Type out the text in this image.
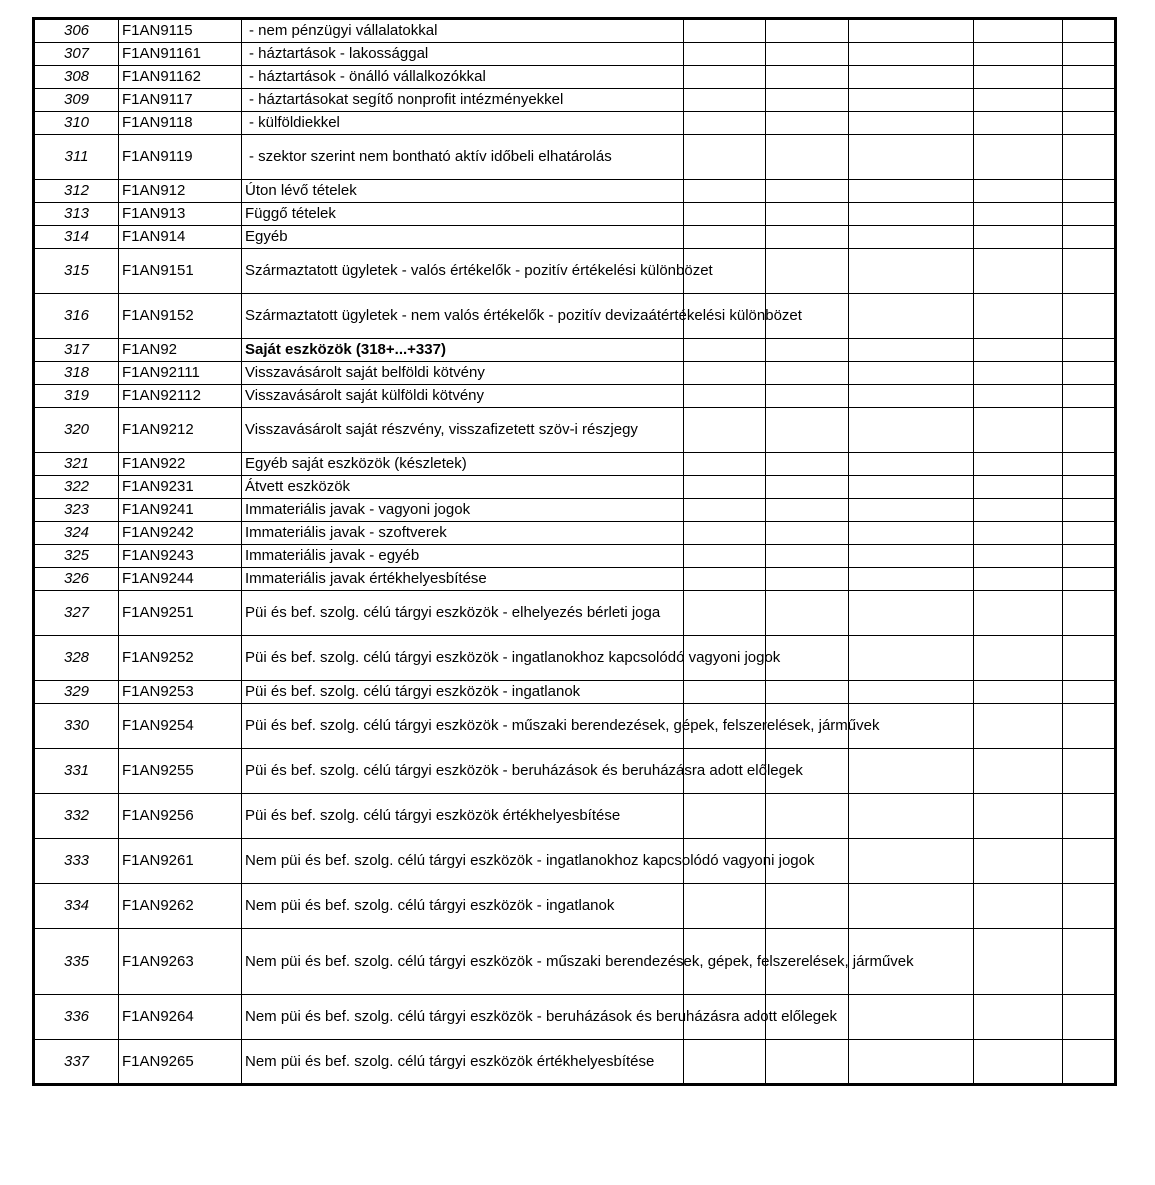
306	F1AN9115	- nem pénzügyi vállalatokkal					
307	F1AN91161	- háztartások - lakossággal					
308	F1AN91162	- háztartások - önálló vállalkozókkal					
309	F1AN9117	- háztartásokat segítő nonprofit intézményekkel					
310	F1AN9118	- külföldiekkel					
311	F1AN9119	- szektor szerint nem bontható aktív időbeli elhatárolás					
312	F1AN912	Úton lévő tételek					
313	F1AN913	Függő tételek					
314	F1AN914	Egyéb					
315	F1AN9151	Származtatott ügyletek - valós értékelők - pozitív értékelési különbözet					
316	F1AN9152	Származtatott ügyletek - nem valós értékelők - pozitív devizaátértékelési különbözet					
317	F1AN92	Saját eszközök (318+...+337)					
318	F1AN92111	Visszavásárolt saját belföldi kötvény					
319	F1AN92112	Visszavásárolt saját külföldi kötvény					
320	F1AN9212	Visszavásárolt saját részvény, visszafizetett szöv-i részjegy					
321	F1AN922	Egyéb saját eszközök (készletek)					
322	F1AN9231	Átvett eszközök					
323	F1AN9241	Immateriális javak - vagyoni jogok					
324	F1AN9242	Immateriális javak - szoftverek					
325	F1AN9243	Immateriális javak - egyéb					
326	F1AN9244	Immateriális javak értékhelyesbítése					
327	F1AN9251	Püi és bef. szolg. célú tárgyi eszközök - elhelyezés bérleti joga					
328	F1AN9252	Püi és bef. szolg. célú tárgyi eszközök - ingatlanokhoz kapcsolódó vagyoni jogok					
329	F1AN9253	Püi és bef. szolg. célú tárgyi eszközök - ingatlanok					
330	F1AN9254	Püi és bef. szolg. célú tárgyi eszközök - műszaki berendezések, gépek, felszerelések, járművek					
331	F1AN9255	Püi és bef. szolg. célú tárgyi eszközök - beruházások és beruházásra adott előlegek					
332	F1AN9256	Püi és bef. szolg. célú tárgyi eszközök értékhelyesbítése					
333	F1AN9261	Nem püi és bef. szolg. célú tárgyi eszközök - ingatlanokhoz kapcsolódó vagyoni jogok					
334	F1AN9262	Nem püi és bef. szolg. célú tárgyi eszközök - ingatlanok					
335	F1AN9263	Nem püi és bef. szolg. célú tárgyi eszközök - műszaki berendezések, gépek, felszerelések, járművek					
336	F1AN9264	Nem püi és bef. szolg. célú tárgyi eszközök - beruházások és beruházásra adott előlegek					
337	F1AN9265	Nem püi és bef. szolg. célú tárgyi eszközök értékhelyesbítése					
